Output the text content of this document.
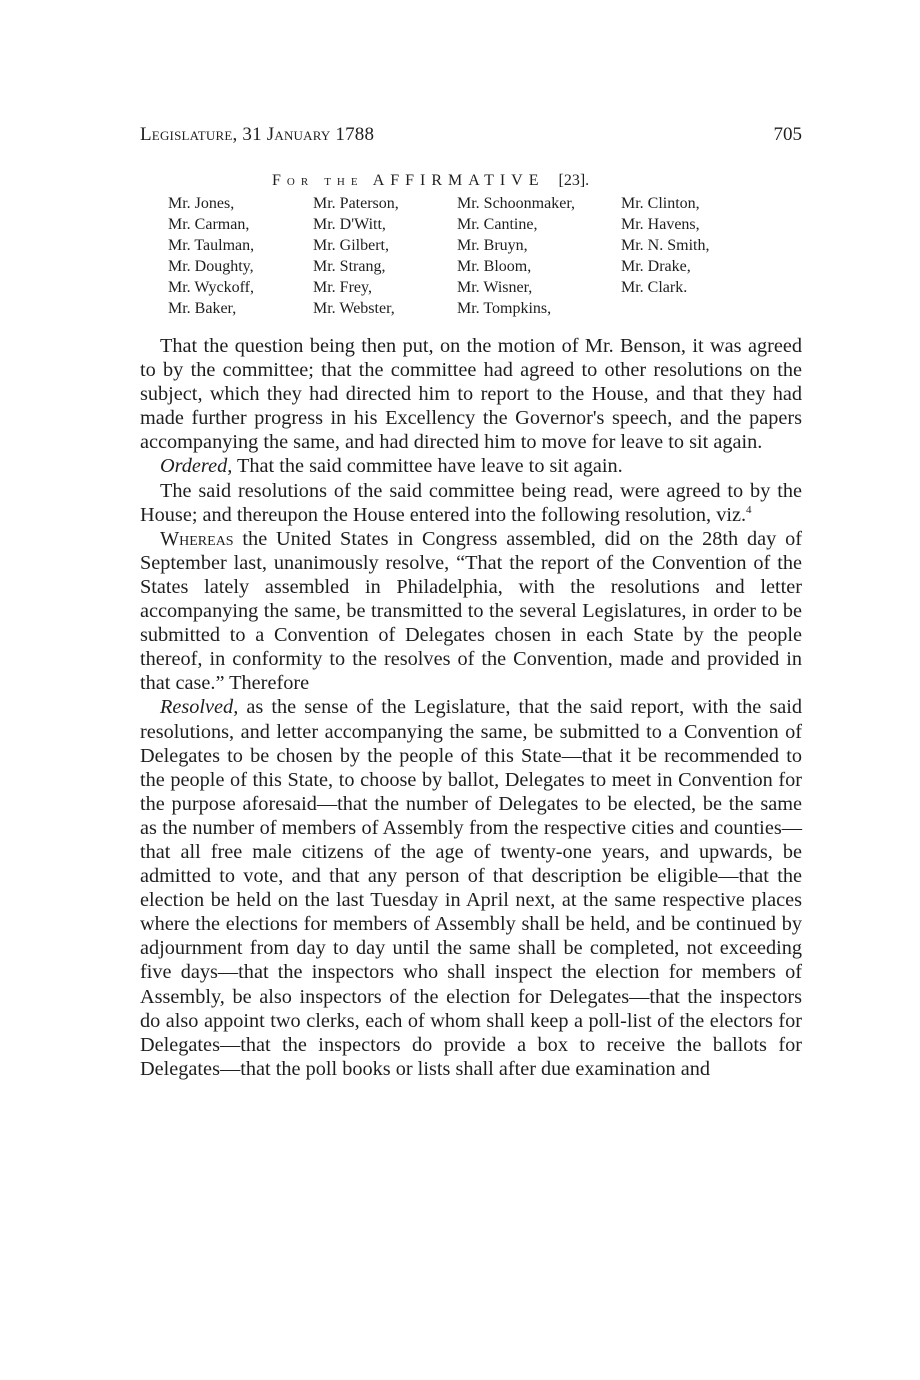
Legislature, 31 January 1788	705
For the AFFIRMATIVE [23].
Mr. Jones,	Mr. Paterson,	Mr. Schoonmaker,	Mr. Clinton,
Mr. Carman,	Mr. D'Witt,	Mr. Cantine,	Mr. Havens,
Mr. Taulman,	Mr. Gilbert,	Mr. Bruyn,	Mr. N. Smith,
Mr. Doughty,	Mr. Strang,	Mr. Bloom,	Mr. Drake,
Mr. Wyckoff,	Mr. Frey,	Mr. Wisner,	Mr. Clark.
Mr. Baker,	Mr. Webster,	Mr. Tompkins,

That the question being then put, on the motion of Mr. Benson, it was agreed to by the committee; that the committee had agreed to other resolutions on the subject, which they had directed him to report to the House, and that they had made further progress in his Excellency the Governor's speech, and the papers accompanying the same, and had directed him to move for leave to sit again.

Ordered, That the said committee have leave to sit again.

The said resolutions of the said committee being read, were agreed to by the House; and thereupon the House entered into the following resolution, viz.$^4$

Whereas the United States in Congress assembled, did on the 28th day of September last, unanimously resolve, “That the report of the Convention of the States lately assembled in Philadelphia, with the resolutions and letter accompanying the same, be transmitted to the several Legislatures, in order to be submitted to a Convention of Delegates chosen in each State by the people thereof, in conformity to the resolves of the Convention, made and provided in that case.” Therefore

Resolved, as the sense of the Legislature, that the said report, with the said resolutions, and letter accompanying the same, be submitted to a Convention of Delegates to be chosen by the people of this State—that it be recommended to the people of this State, to choose by ballot, Delegates to meet in Convention for the purpose aforesaid—that the number of Delegates to be elected, be the same as the number of members of Assembly from the respective cities and counties—that all free male citizens of the age of twenty-one years, and upwards, be admitted to vote, and that any person of that description be eligible—that the election be held on the last Tuesday in April next, at the same respective places where the elections for members of Assembly shall be held, and be continued by adjournment from day to day until the same shall be completed, not exceeding five days—that the inspectors who shall inspect the election for members of Assembly, be also inspectors of the election for Delegates—that the inspectors do also appoint two clerks, each of whom shall keep a poll-list of the electors for Delegates—that the inspectors do provide a box to receive the ballots for Delegates—that the poll books or lists shall after due examination and
